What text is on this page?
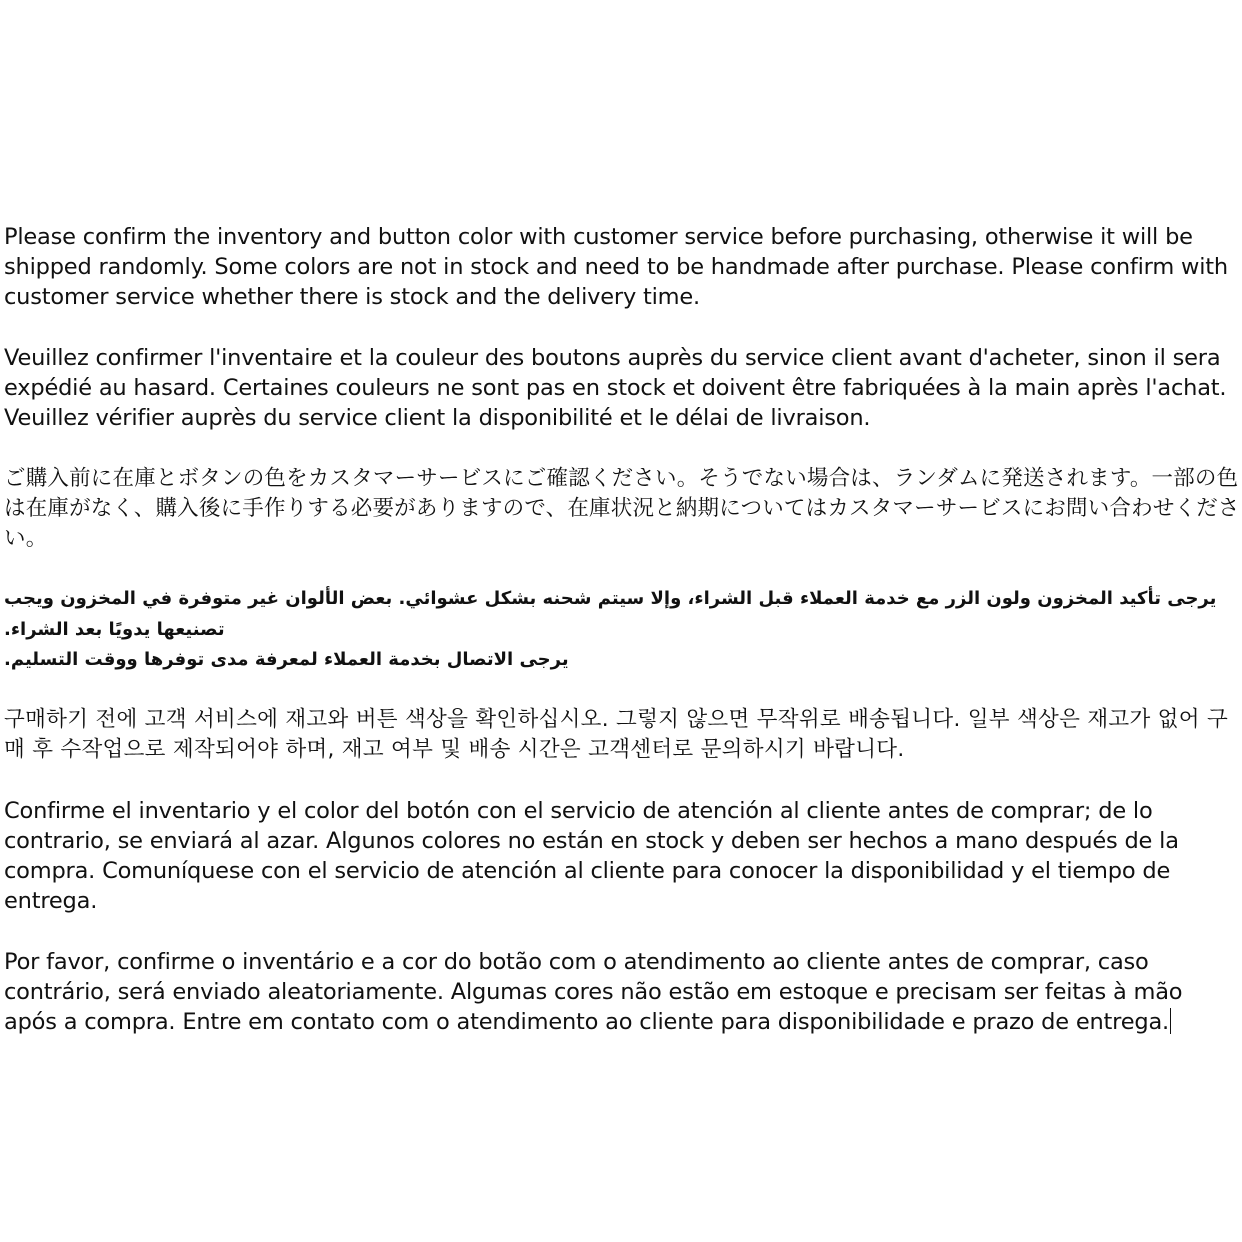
Please confirm the inventory and button color with customer service before purchasing, otherwise it will be shipped randomly. Some colors are not in stock and need to be handmade after purchase. Please confirm with customer service whether there is stock and the delivery time.

Veuillez confirmer l'inventaire et la couleur des boutons auprès du service client avant d'acheter, sinon il sera expédié au hasard. Certaines couleurs ne sont pas en stock et doivent être fabriquées à la main après l'achat. Veuillez vérifier auprès du service client la disponibilité et le délai de livraison.

ご購入前に在庫とボタンの色をカスタマーサービスにご確認ください。そうでない場合は、ランダムに発送されます。一部の色は在庫がなく、購入後に手作りする必要がありますので、在庫状況と納期についてはカスタマーサービスにお問い合わせください。

يرجى تأكيد المخزون ولون الزر مع خدمة العملاء قبل الشراء، وإلا سيتم شحنه بشكل عشوائي. بعض الألوان غير متوفرة في المخزون ويجب تصنيعها يدويًا بعد الشراء.
يرجى الاتصال بخدمة العملاء لمعرفة مدى توفرها ووقت التسليم.

구매하기 전에 고객 서비스에 재고와 버튼 색상을 확인하십시오. 그렇지 않으면 무작위로 배송됩니다. 일부 색상은 재고가 없어 구매 후 수작업으로 제작되어야 하며, 재고 여부 및 배송 시간은 고객센터로 문의하시기 바랍니다.

Confirme el inventario y el color del botón con el servicio de atención al cliente antes de comprar; de lo contrario, se enviará al azar. Algunos colores no están en stock y deben ser hechos a mano después de la compra. Comuníquese con el servicio de atención al cliente para conocer la disponibilidad y el tiempo de entrega.

Por favor, confirme o inventário e a cor do botão com o atendimento ao cliente antes de comprar, caso contrário, será enviado aleatoriamente. Algumas cores não estão em estoque e precisam ser feitas à mão após a compra. Entre em contato com o atendimento ao cliente para disponibilidade e prazo de entrega.
